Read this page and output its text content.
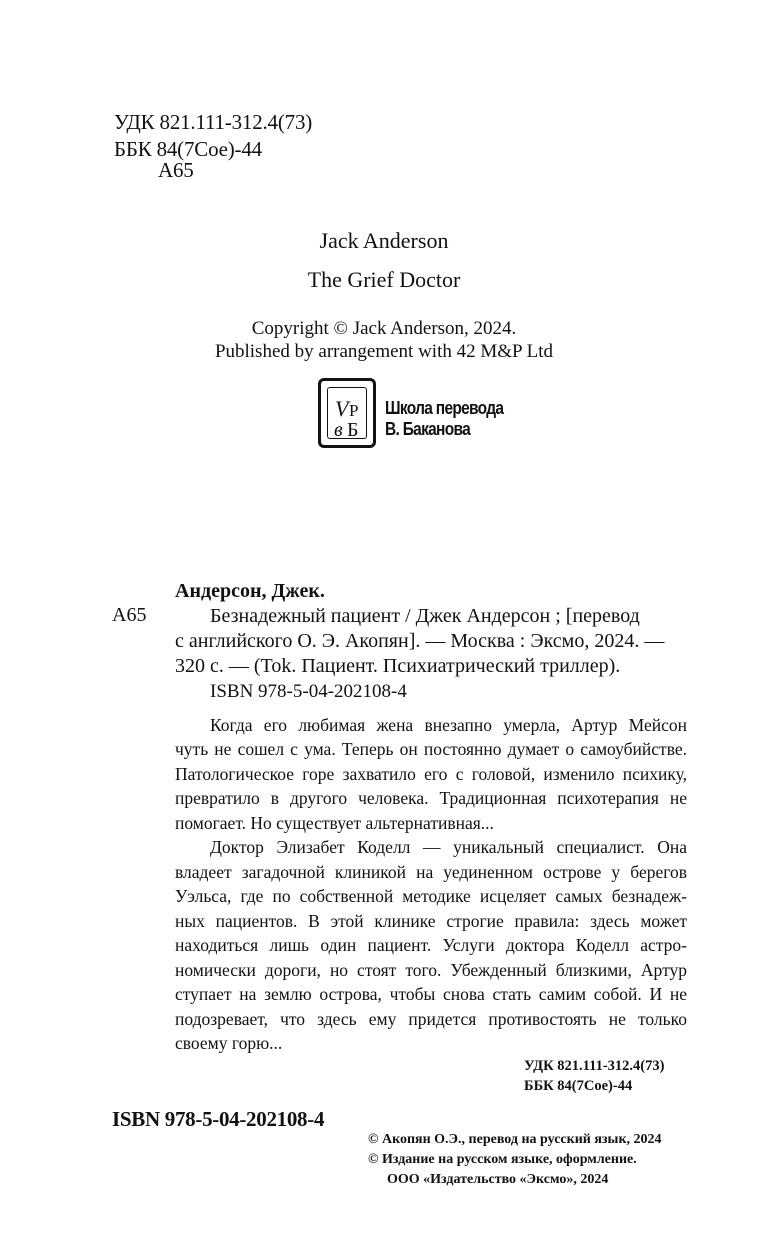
УДК 821.111-312.4(73)
ББК 84(7Сое)-44
А65
Jack Anderson
The Grief Doctor
Copyright © Jack Anderson, 2024.
Published by arrangement with 42 M&P Ltd
V Р
в Б
Школа перевода
В. Баканова
Андерсон, Джек.
А65	Безнадежный пациент / Джек Андерсон ; [перевод
с английского О. Э. Акопян]. — Москва : Эксмо, 2024. —
320 с. — (Tok. Пациент. Психиатрический триллер).
ISBN 978-5-04-202108-4
Когда его любимая жена внезапно умерла, Артур Мейсон
чуть не сошел с ума. Теперь он постоянно думает о самоубийстве.
Патологическое горе захватило его с головой, изменило психику,
превратило в другого человека. Традиционная психотерапия не
помогает. Но существует альтернативная...
Доктор Элизабет Коделл — уникальный специалист. Она
владеет загадочной клиникой на уединенном острове у берегов
Уэльса, где по собственной методике исцеляет самых безнадеж-
ных пациентов. В этой клинике строгие правила: здесь может
находиться лишь один пациент. Услуги доктора Коделл астро-
номически дороги, но стоят того. Убежденный близкими, Артур
ступает на землю острова, чтобы снова стать самим собой. И не
подозревает, что здесь ему придется противостоять не только
своему горю...
УДК 821.111-312.4(73)
ББК 84(7Сое)-44
© Акопян О.Э., перевод на русский язык, 2024
© Издание на русском языке, оформление.
ООО «Издательство «Эксмо», 2024
ISBN 978-5-04-202108-4
